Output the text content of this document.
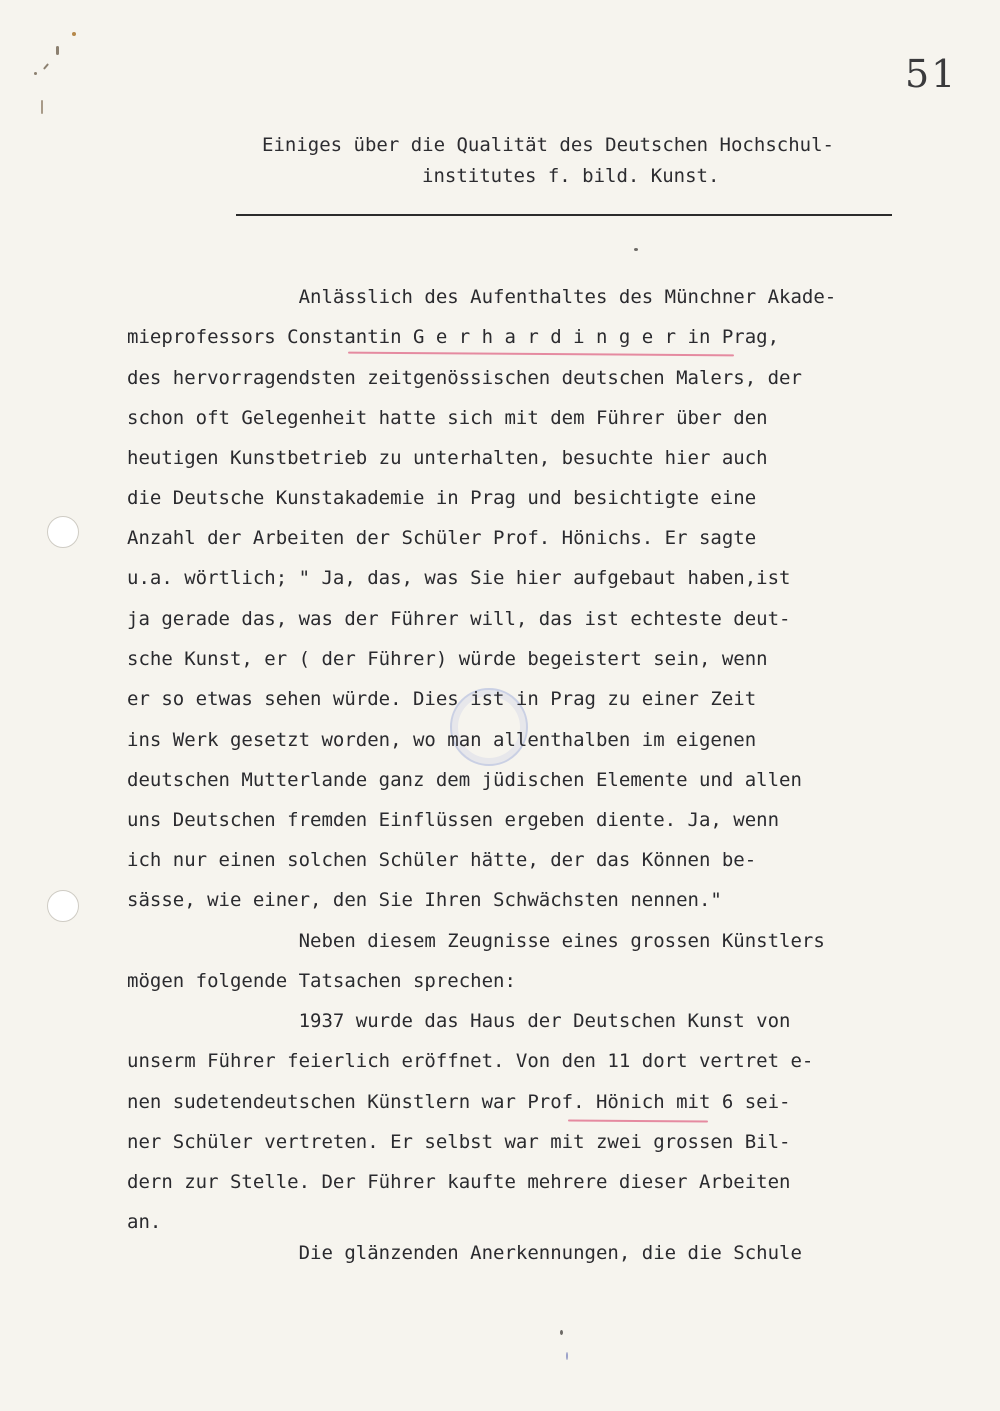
51
Einiges über die Qualität des Deutschen Hochschul-
institutes f. bild. Kunst.
Anlässlich des Aufenthaltes des Münchner Akade-
mieprofessors Constantin G e r h a r d i n g e r in Prag,
des hervorragendsten zeitgenössischen deutschen Malers, der
schon oft Gelegenheit hatte sich mit dem Führer über den
heutigen Kunstbetrieb zu unterhalten, besuchte hier auch
die Deutsche Kunstakademie in Prag und besichtigte eine
Anzahl der Arbeiten der Schüler Prof. Hönichs. Er sagte
u.a. wörtlich; " Ja, das, was Sie hier aufgebaut haben,ist
ja gerade das, was der Führer will, das ist echteste deut-
sche Kunst, er ( der Führer) würde begeistert sein, wenn
er so etwas sehen würde. Dies ist in Prag zu einer Zeit
ins Werk gesetzt worden, wo man allenthalben im eigenen
deutschen Mutterlande ganz dem jüdischen Elemente und allen
uns Deutschen fremden Einflüssen ergeben diente. Ja, wenn
ich nur einen solchen Schüler hätte, der das Können be-
sässe, wie einer, den Sie Ihren Schwächsten nennen."
Neben diesem Zeugnisse eines grossen Künstlers
mögen folgende Tatsachen sprechen:
1937 wurde das Haus der Deutschen Kunst von
unserm Führer feierlich eröffnet. Von den 11 dort vertret e-
nen sudetendeutschen Künstlern war Prof. Hönich mit 6 sei-
ner Schüler vertreten. Er selbst war mit zwei grossen Bil-
dern zur Stelle. Der Führer kaufte mehrere dieser Arbeiten
an.
Die glänzenden Anerkennungen, die die Schule
